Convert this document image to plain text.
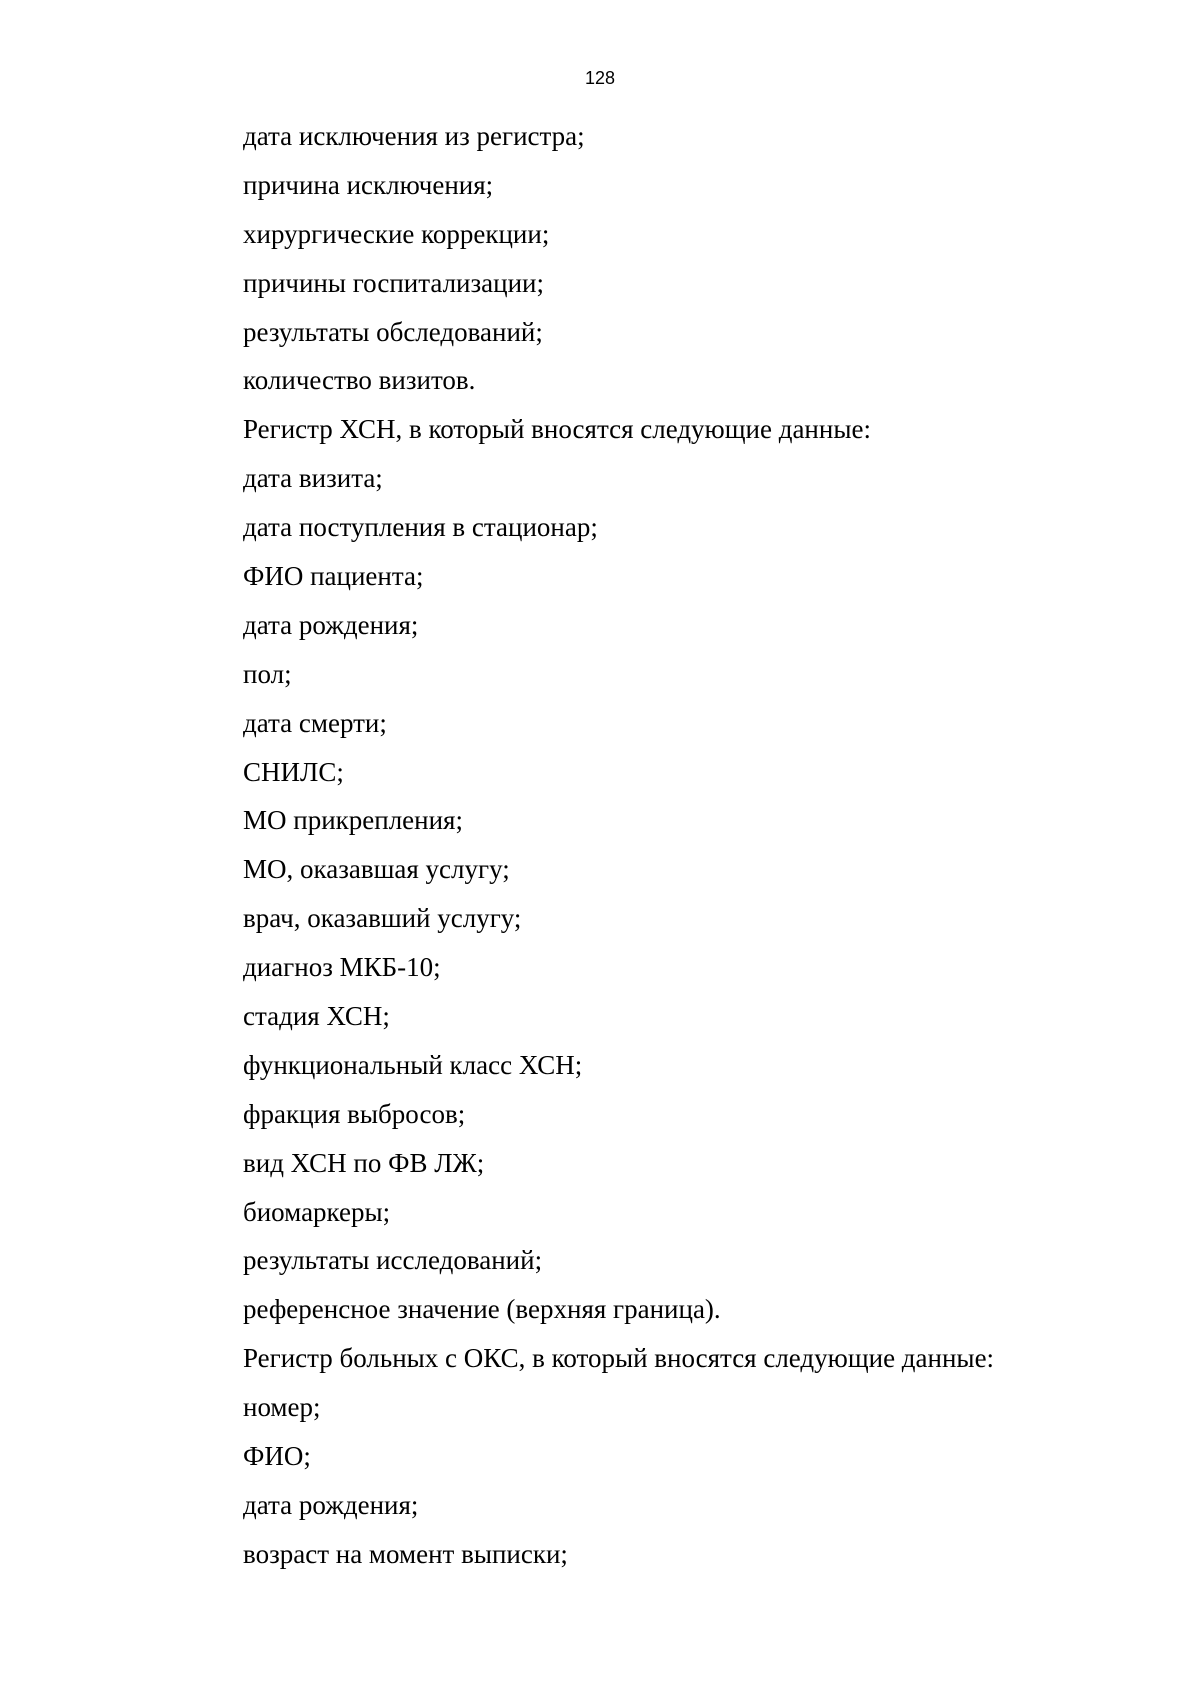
128
дата исключения из регистра;
причина исключения;
хирургические коррекции;
причины госпитализации;
результаты обследований;
количество визитов.
Регистр ХСН, в который вносятся следующие данные:
дата визита;
дата поступления в стационар;
ФИО пациента;
дата рождения;
пол;
дата смерти;
СНИЛС;
МО прикрепления;
МО, оказавшая услугу;
врач, оказавший услугу;
диагноз МКБ-10;
стадия ХСН;
функциональный класс ХСН;
фракция выбросов;
вид ХСН по ФВ ЛЖ;
биомаркеры;
результаты исследований;
референсное значение (верхняя граница).
Регистр больных с ОКС, в который вносятся следующие данные:
номер;
ФИО;
дата рождения;
возраст на момент выписки;
